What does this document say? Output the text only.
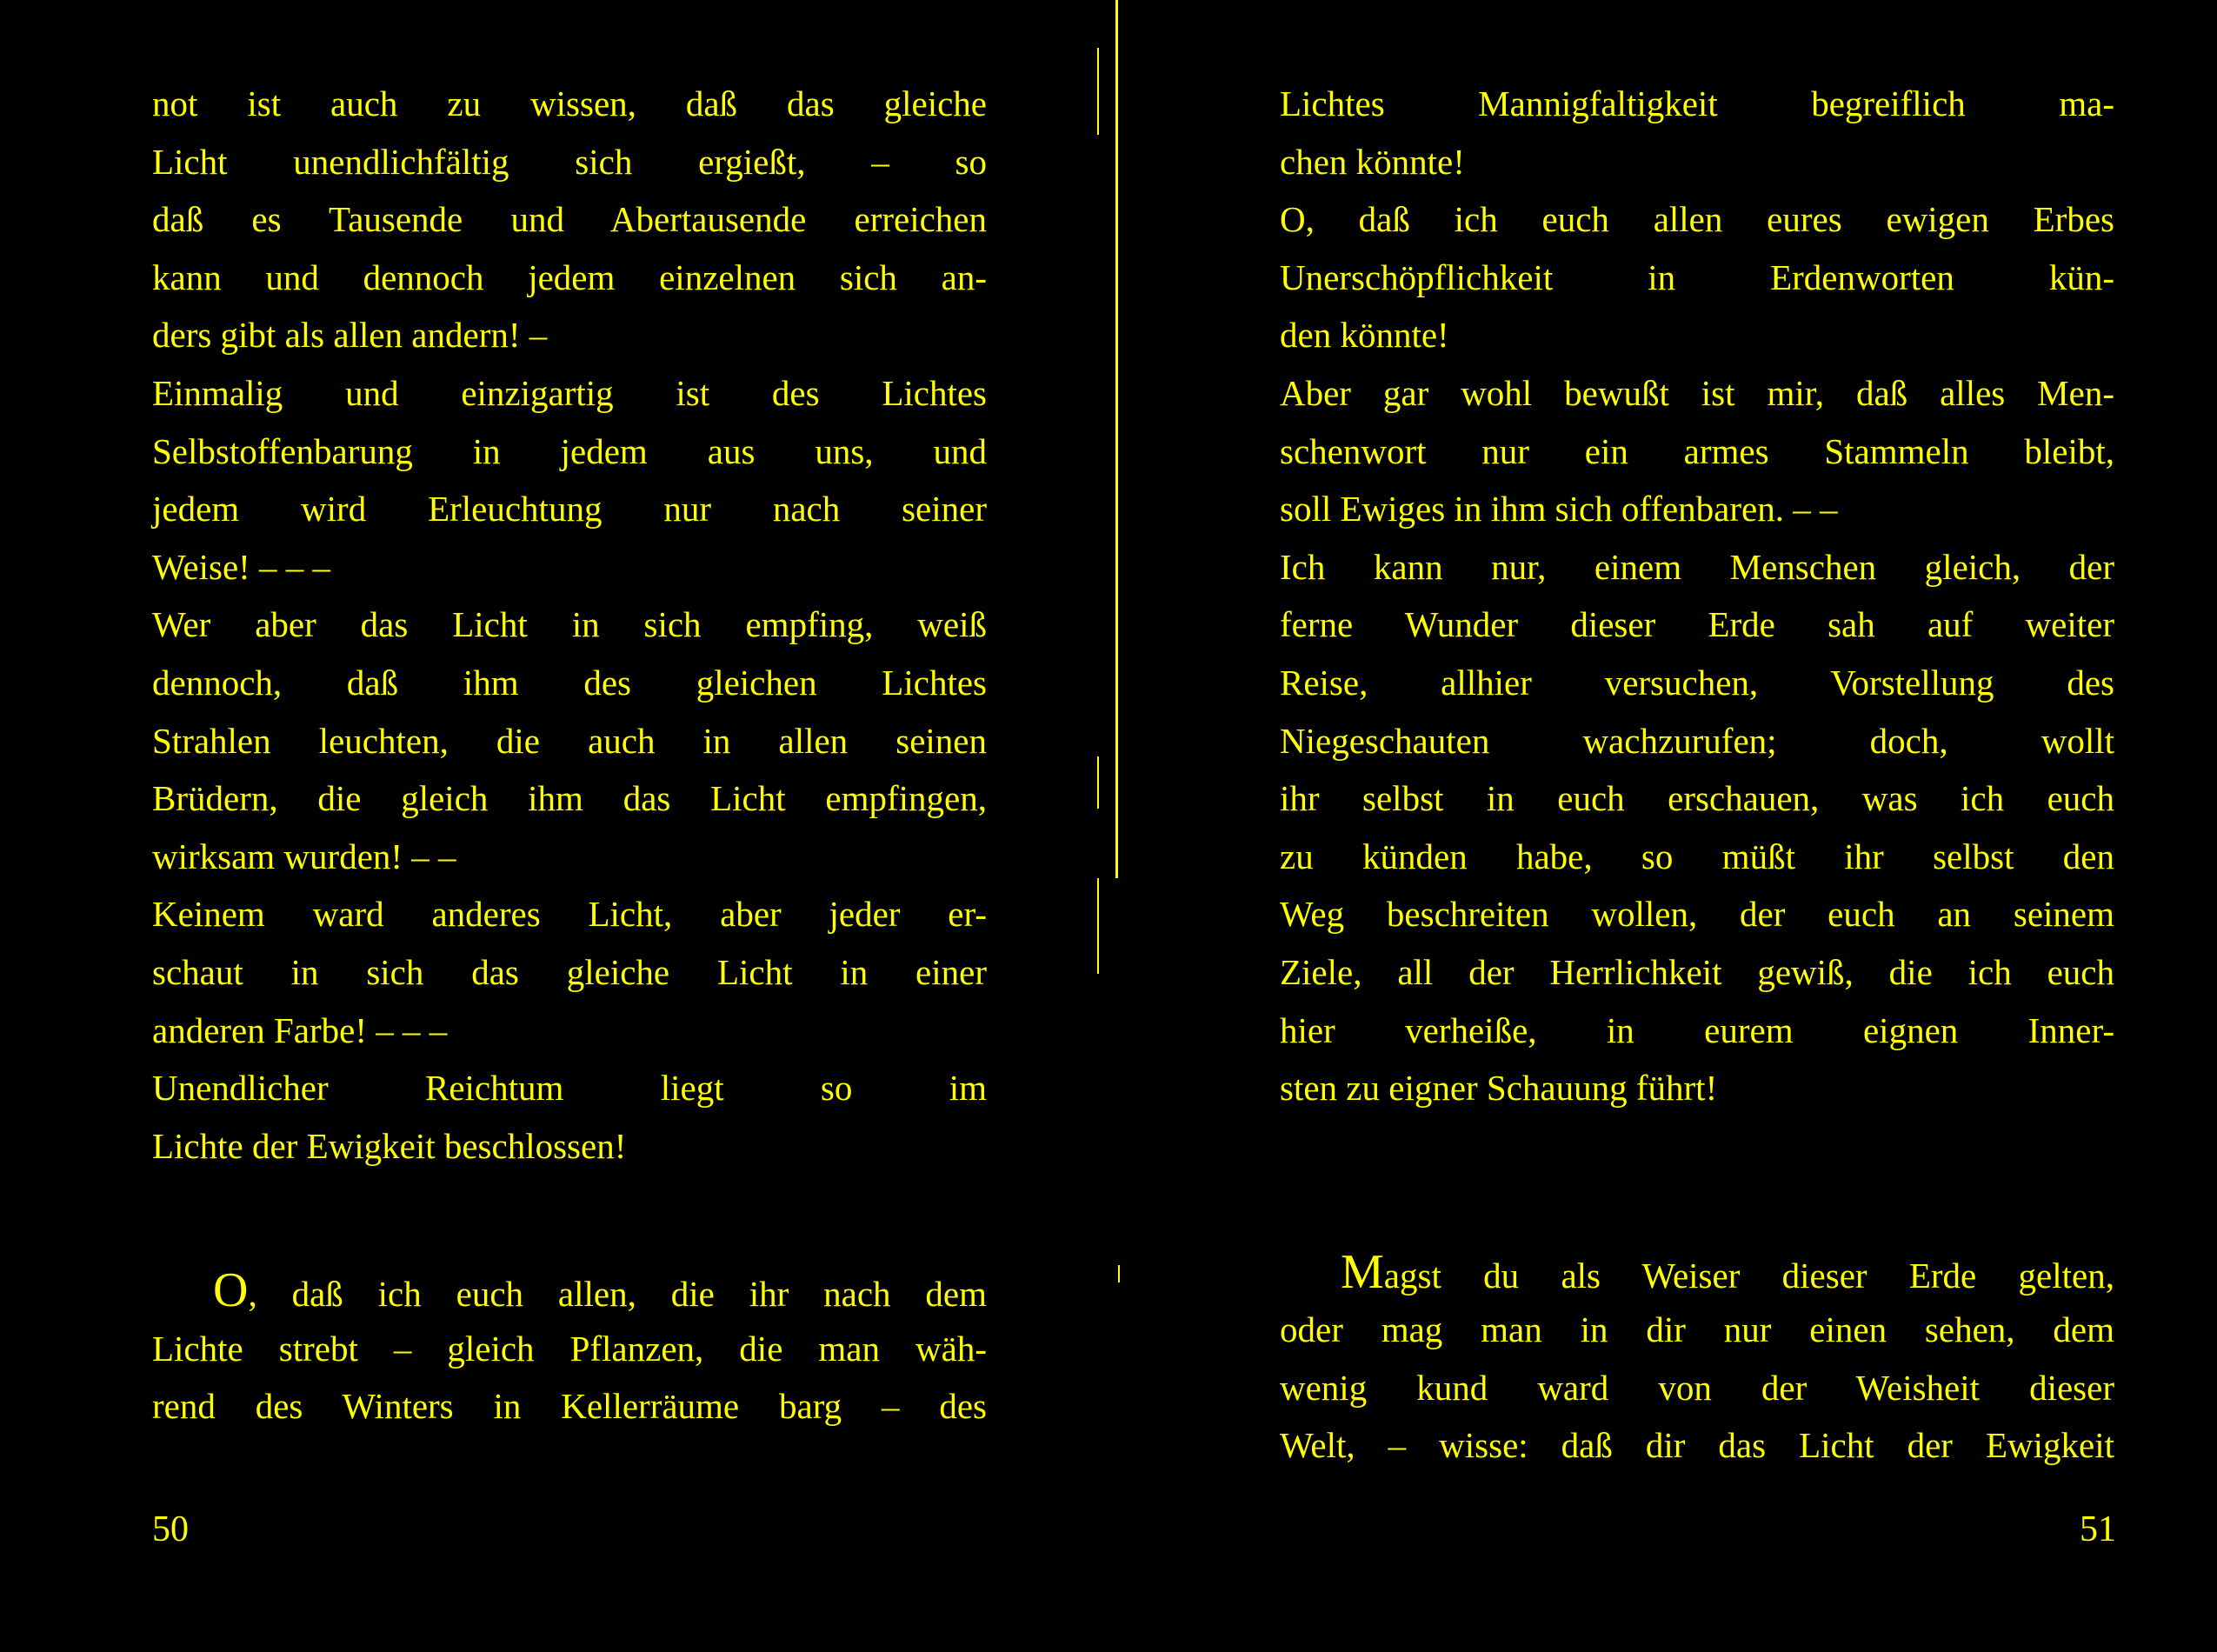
not ist auch zu wissen, daß das gleiche
Licht unendlichfältig sich ergießt, – so
daß es Tausende und Abertausende erreichen
kann und dennoch jedem einzelnen sich an-
ders gibt als allen andern! –
Einmalig und einzigartig ist des Lichtes
Selbstoffenbarung in jedem aus uns, und
jedem wird Erleuchtung nur nach seiner
Weise! – – –
Wer aber das Licht in sich empfing, weiß
dennoch, daß ihm des gleichen Lichtes
Strahlen leuchten, die auch in allen seinen
Brüdern, die gleich ihm das Licht empfingen,
wirksam wurden! – –
Keinem ward anderes Licht, aber jeder er-
schaut in sich das gleiche Licht in einer
anderen Farbe! – – –
Unendlicher Reichtum liegt so im
Lichte der Ewigkeit beschlossen!
O, daß ich euch allen, die ihr nach dem
Lichte strebt – gleich Pflanzen, die man wäh-
rend des Winters in Kellerräume barg – des
50
Lichtes Mannigfaltigkeit begreiflich ma-
chen könnte!
O, daß ich euch allen eures ewigen Erbes
Unerschöpflichkeit in Erdenworten kün-
den könnte!
Aber gar wohl bewußt ist mir, daß alles Men-
schenwort nur ein armes Stammeln bleibt,
soll Ewiges in ihm sich offenbaren. – –
Ich kann nur, einem Menschen gleich, der
ferne Wunder dieser Erde sah auf weiter
Reise, allhier versuchen, Vorstellung des
Niegeschauten wachzurufen; doch, wollt
ihr selbst in euch erschauen, was ich euch
zu künden habe, so müßt ihr selbst den
Weg beschreiten wollen, der euch an seinem
Ziele, all der Herrlichkeit gewiß, die ich euch
hier verheiße, in eurem eignen Inner-
sten zu eigner Schauung führt!
Magst du als Weiser dieser Erde gelten,
oder mag man in dir nur einen sehen, dem
wenig kund ward von der Weisheit dieser
Welt, – wisse: daß dir das Licht der Ewigkeit
51
